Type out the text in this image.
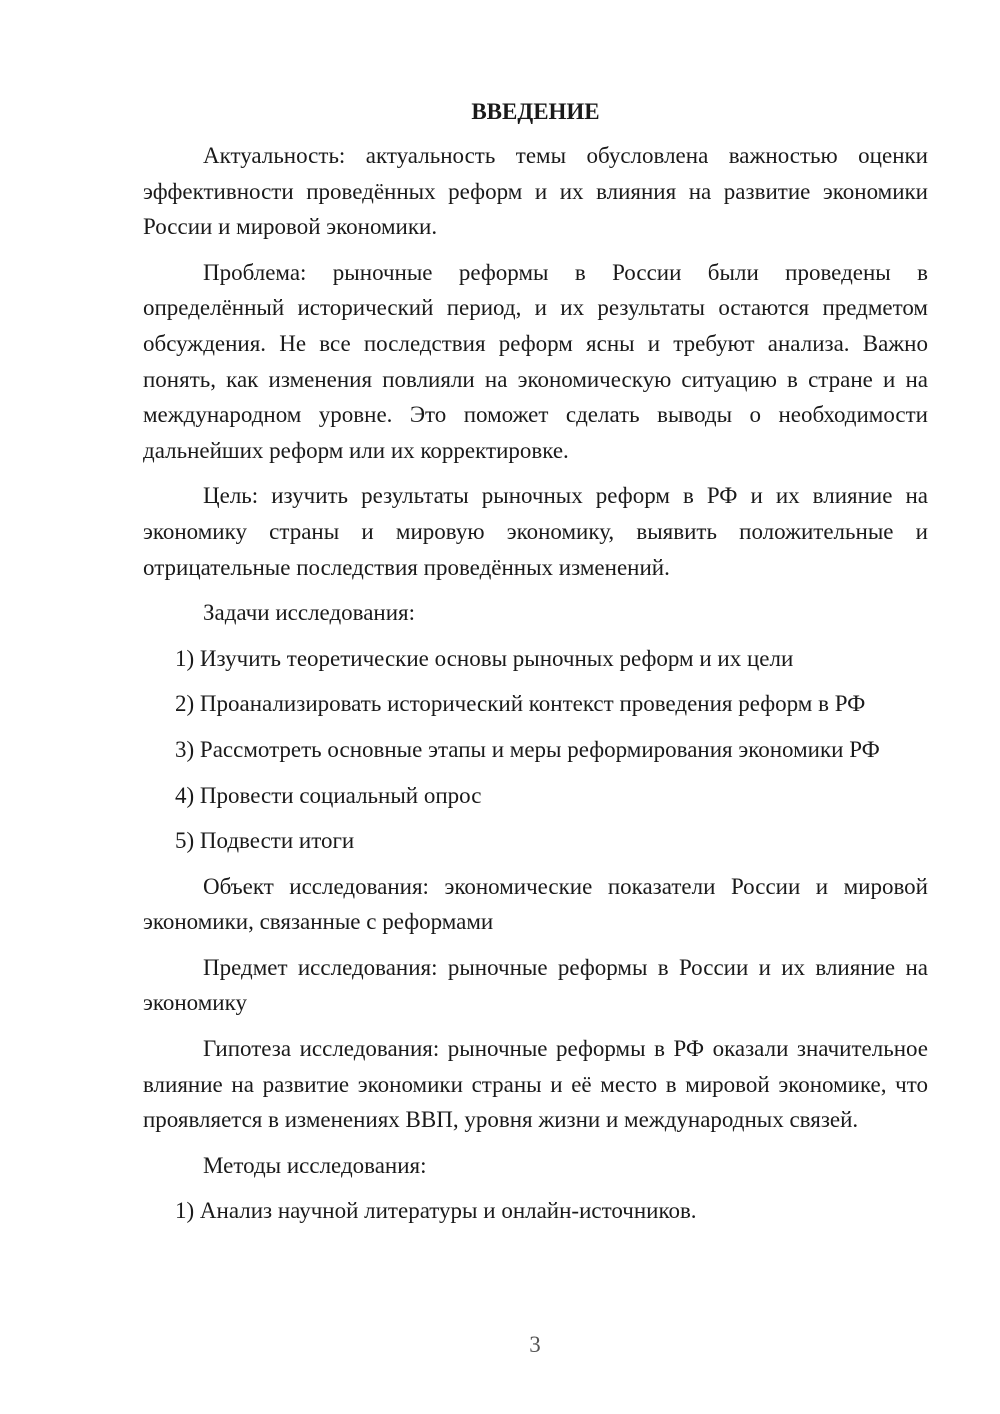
ВВЕДЕНИЕ

Актуальность: актуальность темы обусловлена важностью оценки эффективности проведённых реформ и их влияния на развитие экономики России и мировой экономики.

Проблема: рыночные реформы в России были проведены в определённый исторический период, и их результаты остаются предметом обсуждения. Не все последствия реформ ясны и требуют анализа. Важно понять, как изменения повлияли на экономическую ситуацию в стране и на международном уровне. Это поможет сделать выводы о необходимости дальнейших реформ или их корректировке.

Цель: изучить результаты рыночных реформ в РФ и их влияние на экономику страны и мировую экономику, выявить положительные и отрицательные последствия проведённых изменений.

Задачи исследования:

1) Изучить теоретические основы рыночных реформ и их цели

2) Проанализировать исторический контекст проведения реформ в РФ

3) Рассмотреть основные этапы и меры реформирования экономики РФ

4) Провести социальный опрос

5) Подвести итоги

Объект исследования: экономические показатели России и мировой экономики, связанные с реформами

Предмет исследования: рыночные реформы в России и их влияние на экономику

Гипотеза исследования: рыночные реформы в РФ оказали значительное влияние на развитие экономики страны и её место в мировой экономике, что проявляется в изменениях ВВП, уровня жизни и международных связей.

Методы исследования:

1) Анализ научной литературы и онлайн-источников.

3
